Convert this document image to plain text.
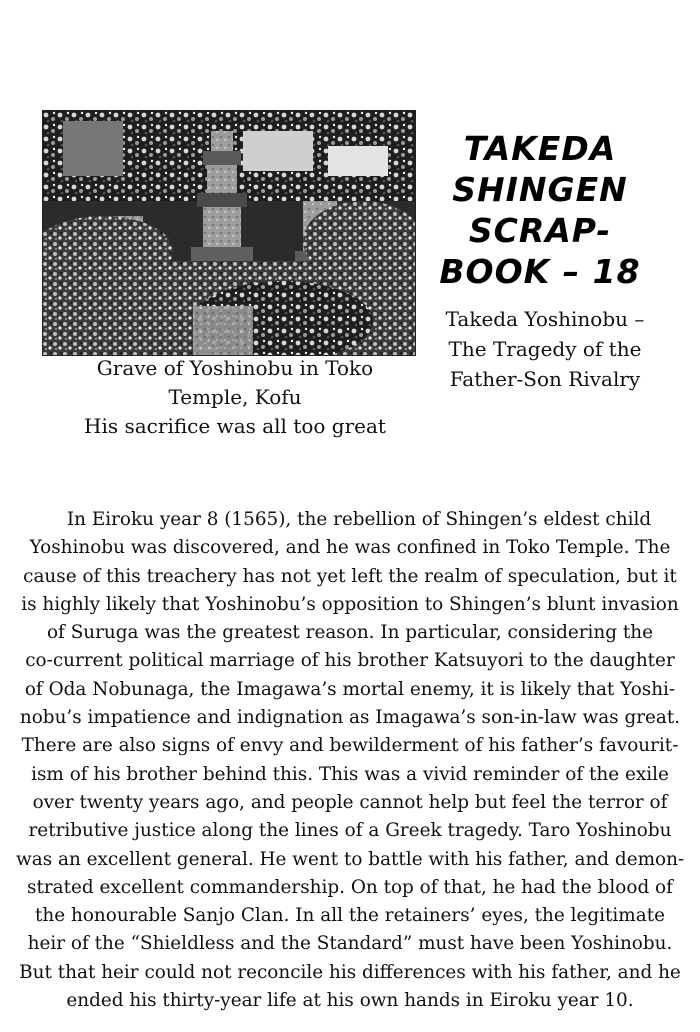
Grave of Yoshinobu in Toko
Temple, Kofu
His sacrifice was all too great
TAKEDA
SHINGEN
SCRAP-
BOOK – 18
Takeda Yoshinobu –
The Tragedy of the
Father-Son Rivalry
In Eiroku year 8 (1565), the rebellion of Shingen’s eldest child
Yoshinobu was discovered, and he was confined in Toko Temple. The
cause of this treachery has not yet left the realm of speculation, but it
is highly likely that Yoshinobu’s opposition to Shingen’s blunt invasion
of Suruga was the greatest reason. In particular, considering the
co-current political marriage of his brother Katsuyori to the daughter
of Oda Nobunaga, the Imagawa’s mortal enemy, it is likely that Yoshi-
nobu’s impatience and indignation as Imagawa’s son-in-law was great.
There are also signs of envy and bewilderment of his father’s favourit-
ism of his brother behind this. This was a vivid reminder of the exile
over twenty years ago, and people cannot help but feel the terror of
retributive justice along the lines of a Greek tragedy. Taro Yoshinobu
was an excellent general. He went to battle with his father, and demon-
strated excellent commandership. On top of that, he had the blood of
the honourable Sanjo Clan. In all the retainers’ eyes, the legitimate
heir of the “Shieldless and the Standard” must have been Yoshinobu.
But that heir could not reconcile his differences with his father, and he
ended his thirty-year life at his own hands in Eiroku year 10.
